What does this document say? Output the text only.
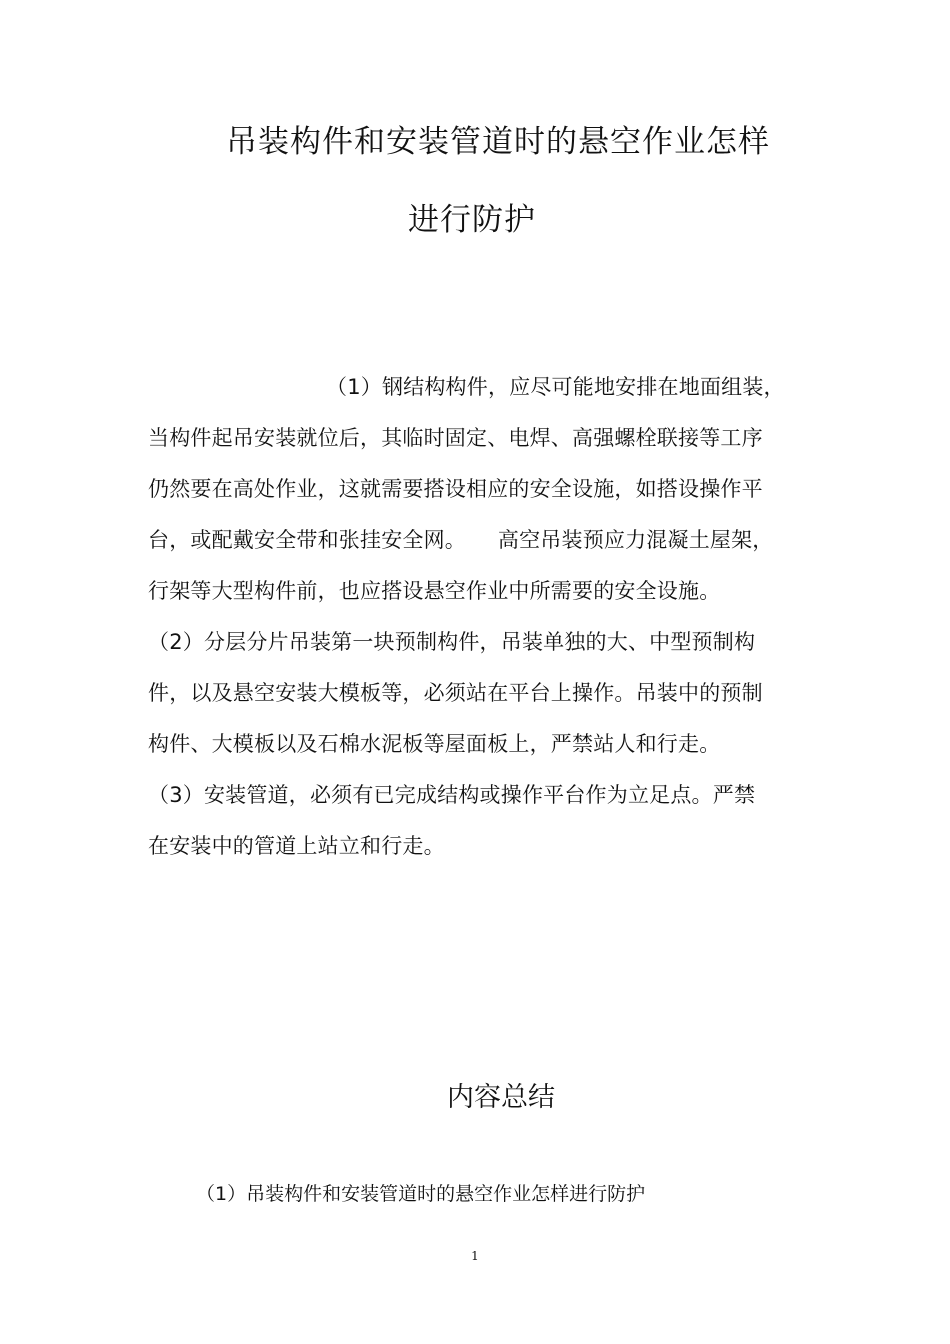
吊装构件和安装管道时的悬空作业怎样
进行防护
（1）钢结构构件，应尽可能地安排在地面组装，
当构件起吊安装就位后，其临时固定、电焊、高强螺栓联接等工序
仍然要在高处作业，这就需要搭设相应的安全设施，如搭设操作平
台，或配戴安全带和张挂安全网。　　高空吊装预应力混凝土屋架，
行架等大型构件前，也应搭设悬空作业中所需要的安全设施。
（2）分层分片吊装第一块预制构件，吊装单独的大、中型预制构
件，以及悬空安装大模板等，必须站在平台上操作。吊装中的预制
构件、大模板以及石棉水泥板等屋面板上，严禁站人和行走。
（3）安装管道，必须有已完成结构或操作平台作为立足点。严禁
在安装中的管道上站立和行走。
内容总结
（1）吊装构件和安装管道时的悬空作业怎样进行防护
1
